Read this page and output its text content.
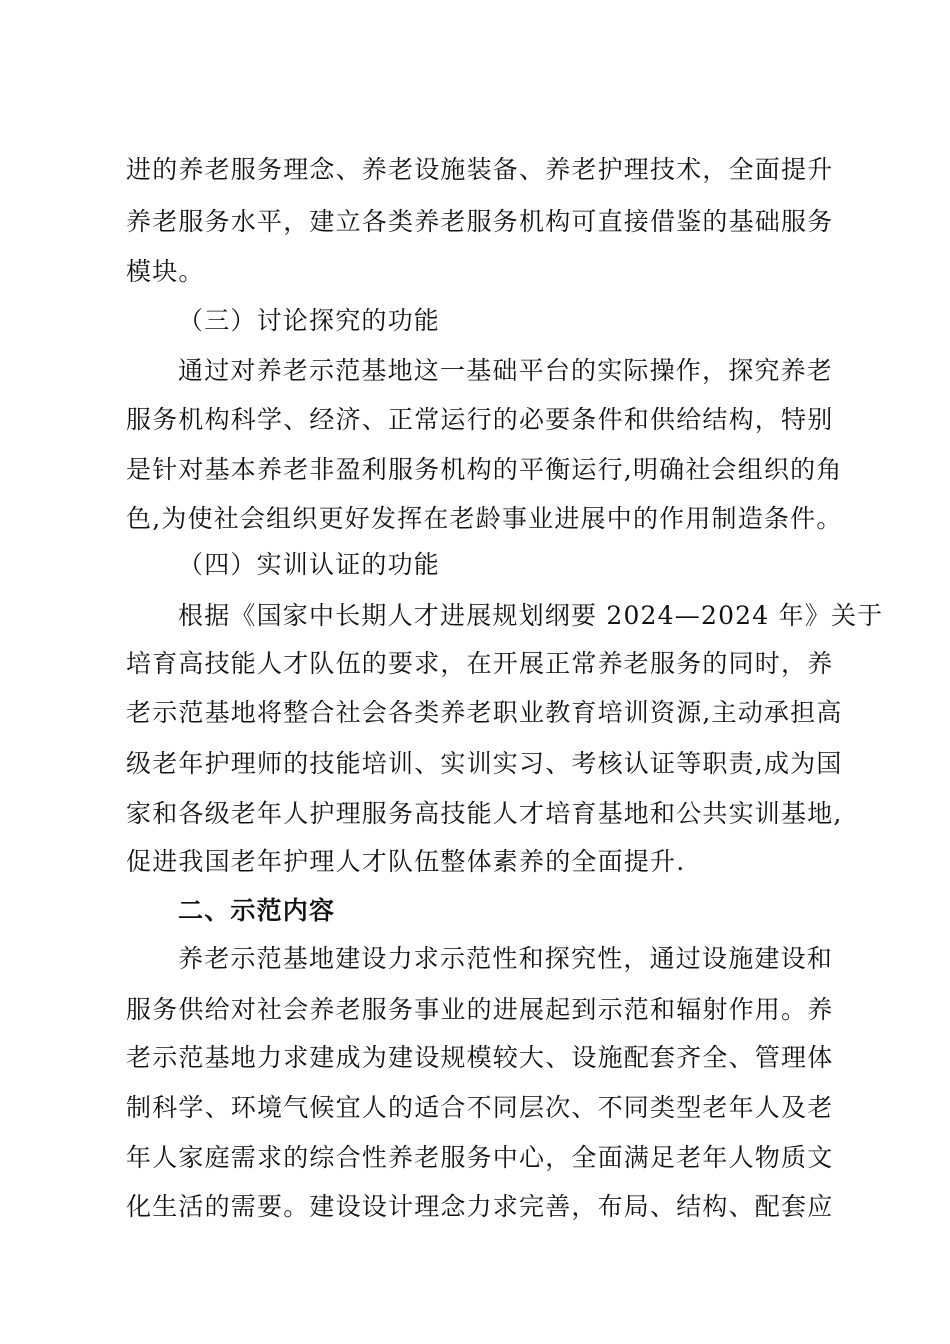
进的养老服务理念、养老设施装备、养老护理技术，全面提升
养老服务水平，建立各类养老服务机构可直接借鉴的基础服务
模块。
（三）讨论探究的功能
通过对养老示范基地这一基础平台的实际操作，探究养老
服务机构科学、经济、正常运行的必要条件和供给结构，特别
是针对基本养老非盈利服务机构的平衡运行,明确社会组织的角
色,为使社会组织更好发挥在老龄事业进展中的作用制造条件。
（四）实训认证的功能
根据《国家中长期人才进展规划纲要 2024—2024 年》关于
培育高技能人才队伍的要求，在开展正常养老服务的同时，养
老示范基地将整合社会各类养老职业教育培训资源,主动承担高
级老年护理师的技能培训、实训实习、考核认证等职责,成为国
家和各级老年人护理服务高技能人才培育基地和公共实训基地,
促进我国老年护理人才队伍整体素养的全面提升.
二、示范内容
养老示范基地建设力求示范性和探究性，通过设施建设和
服务供给对社会养老服务事业的进展起到示范和辐射作用。养
老示范基地力求建成为建设规模较大、设施配套齐全、管理体
制科学、环境气候宜人的适合不同层次、不同类型老年人及老
年人家庭需求的综合性养老服务中心，全面满足老年人物质文
化生活的需要。建设设计理念力求完善，布局、结构、配套应
